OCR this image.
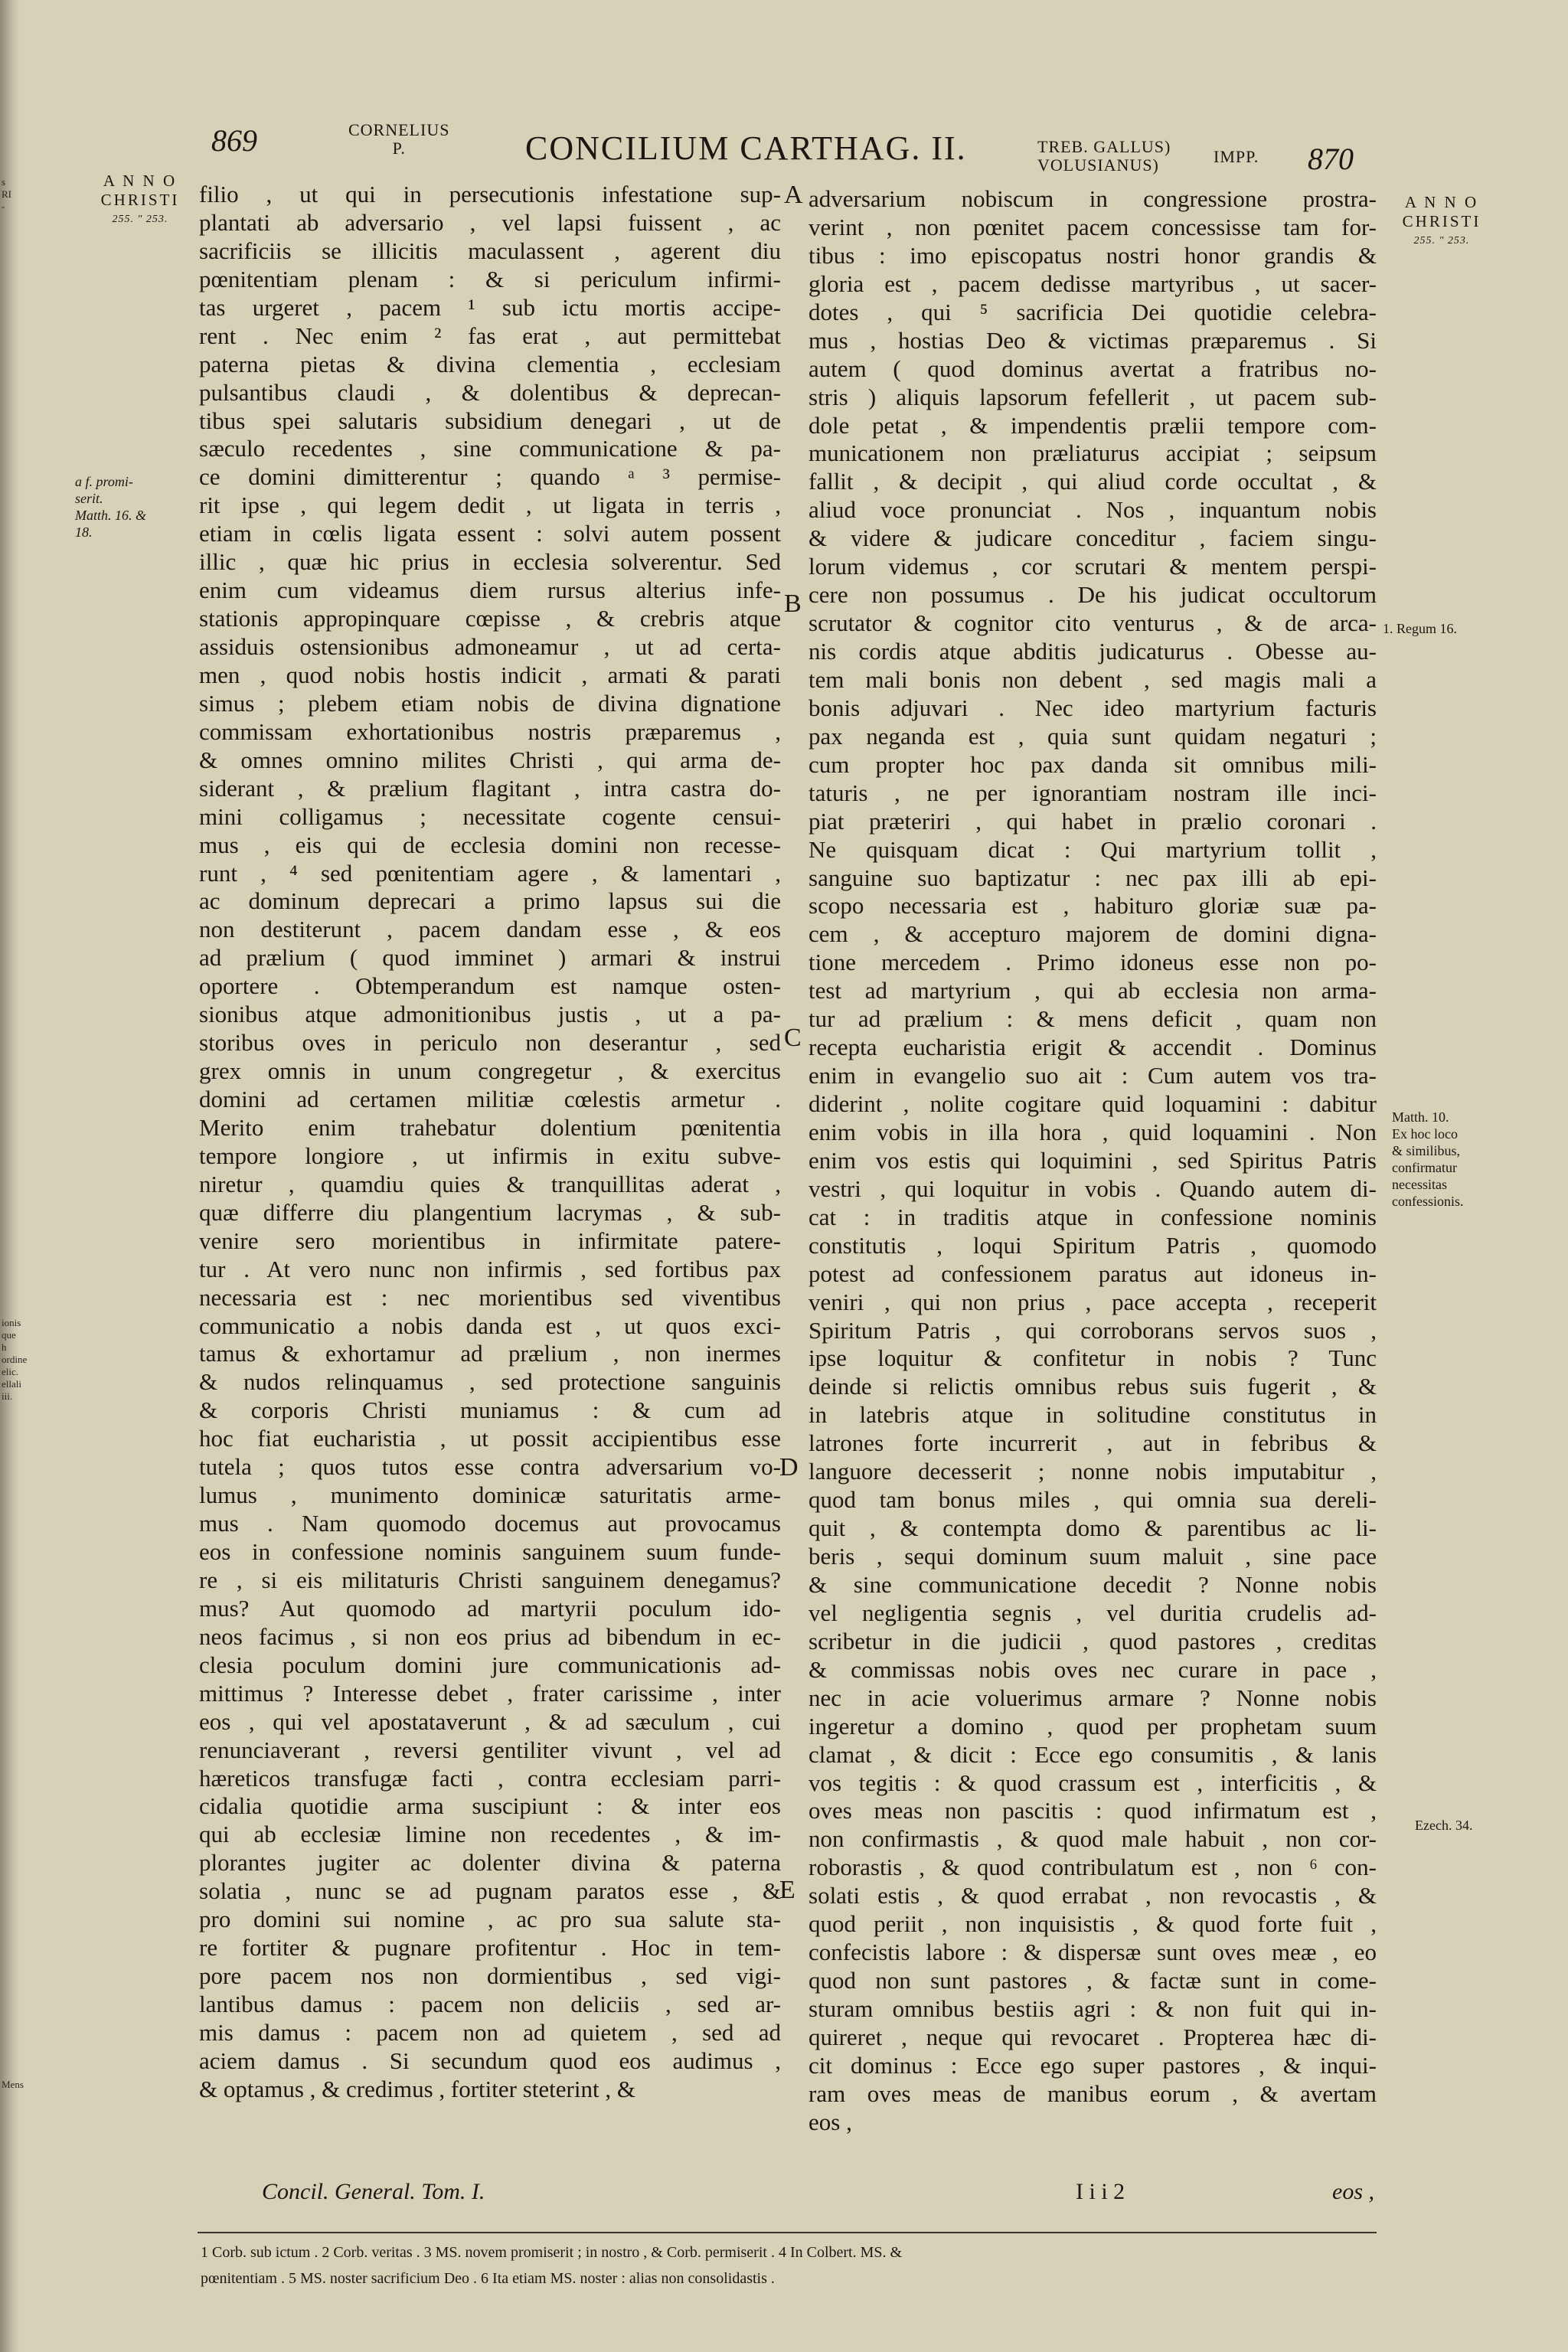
s
RI
-
ionis
que h
ordine
elic.
ellali
iii.
Mens
869	CORNELIUS
P.	CONCILIUM CARTHAG. II.	TREB. GALLUS)
VOLUSIANUS)	IMPP. 870
A N N O
CHRISTI
255. " 253.
A N N O
CHRISTI
255. " 253.
filio , ut qui in persecutionis infestatione sup-
plantati ab adversario , vel lapsi fuissent , ac
sacrificiis se illicitis maculassent , agerent diu
pœnitentiam plenam : & si periculum infirmi-
tas urgeret , pacem ¹ sub ictu mortis accipe-
rent . Nec enim ² fas erat , aut permittebat
paterna pietas & divina clementia , ecclesiam
pulsantibus claudi , & dolentibus & deprecan-
tibus spei salutaris subsidium denegari , ut de
sæculo recedentes , sine communicatione & pa-
ce domini dimitterentur ; quando ᵃ ³ permise-
rit ipse , qui legem dedit , ut ligata in terris ,
etiam in cœlis ligata essent : solvi autem possent
illic , quæ hic prius in ecclesia solverentur. Sed
enim cum videamus diem rursus alterius infe-
stationis appropinquare cœpisse , & crebris atque
assiduis ostensionibus admoneamur , ut ad certa-
men , quod nobis hostis indicit , armati & parati
simus ; plebem etiam nobis de divina dignatione
commissam exhortationibus nostris præparemus ,
& omnes omnino milites Christi , qui arma de-
siderant , & prælium flagitant , intra castra do-
mini colligamus ; necessitate cogente censui-
mus , eis qui de ecclesia domini non recesse-
runt , ⁴ sed pœnitentiam agere , & lamentari ,
ac dominum deprecari a primo lapsus sui die
non destiterunt , pacem dandam esse , & eos
ad prælium ( quod imminet ) armari & instrui
oportere . Obtemperandum est namque osten-
sionibus atque admonitionibus justis , ut a pa-
storibus oves in periculo non deserantur , sed
grex omnis in unum congregetur , & exercitus
domini ad certamen militiæ cœlestis armetur .
Merito enim trahebatur dolentium pœnitentia
tempore longiore , ut infirmis in exitu subve-
niretur , quamdiu quies & tranquillitas aderat ,
quæ differre diu plangentium lacrymas , & sub-
venire sero morientibus in infirmitate patere-
tur . At vero nunc non infirmis , sed fortibus pax
necessaria est : nec morientibus sed viventibus
communicatio a nobis danda est , ut quos exci-
tamus & exhortamur ad prælium , non inermes
& nudos relinquamus , sed protectione sanguinis
& corporis Christi muniamus : & cum ad
hoc fiat eucharistia , ut possit accipientibus esse
tutela ; quos tutos esse contra adversarium vo-
lumus , munimento dominicæ saturitatis arme-
mus . Nam quomodo docemus aut provocamus
eos in confessione nominis sanguinem suum funde-
re , si eis militaturis Christi sanguinem denegamus?
mus? Aut quomodo ad martyrii poculum ido-
neos facimus , si non eos prius ad bibendum in ec-
clesia poculum domini jure communicationis ad-
mittimus ? Interesse debet , frater carissime , inter
eos , qui vel apostataverunt , & ad sæculum , cui
renunciaverant , reversi gentiliter vivunt , vel ad
hæreticos transfugæ facti , contra ecclesiam parri-
cidalia quotidie arma suscipiunt : & inter eos
qui ab ecclesiæ limine non recedentes , & im-
plorantes jugiter ac dolenter divina & paterna
solatia , nunc se ad pugnam paratos esse , &
pro domini sui nomine , ac pro sua salute sta-
re fortiter & pugnare profitentur . Hoc in tem-
pore pacem nos non dormientibus , sed vigi-
lantibus damus : pacem non deliciis , sed ar-
mis damus : pacem non ad quietem , sed ad
aciem damus . Si secundum quod eos audimus ,
& optamus , & credimus , fortiter steterint , &
adversarium nobiscum in congressione prostra-
verint , non pœnitet pacem concessisse tam for-
tibus : imo episcopatus nostri honor grandis &
gloria est , pacem dedisse martyribus , ut sacer-
dotes , qui ⁵ sacrificia Dei quotidie celebra-
mus , hostias Deo & victimas præparemus . Si
autem ( quod dominus avertat a fratribus no-
stris ) aliquis lapsorum fefellerit , ut pacem sub-
dole petat , & impendentis prælii tempore com-
municationem non præliaturus accipiat ; seipsum
fallit , & decipit , qui aliud corde occultat , &
aliud voce pronunciat . Nos , inquantum nobis
& videre & judicare conceditur , faciem singu-
lorum videmus , cor scrutari & mentem perspi-
cere non possumus . De his judicat occultorum
scrutator & cognitor cito venturus , & de arca-
nis cordis atque abditis judicaturus . Obesse au-
tem mali bonis non debent , sed magis mali a
bonis adjuvari . Nec ideo martyrium facturis
pax neganda est , quia sunt quidam negaturi ;
cum propter hoc pax danda sit omnibus mili-
taturis , ne per ignorantiam nostram ille inci-
piat præteriri , qui habet in prælio coronari .
Ne quisquam dicat : Qui martyrium tollit ,
sanguine suo baptizatur : nec pax illi ab epi-
scopo necessaria est , habituro gloriæ suæ pa-
cem , & accepturo majorem de domini digna-
tione mercedem . Primo idoneus esse non po-
test ad martyrium , qui ab ecclesia non arma-
tur ad prælium : & mens deficit , quam non
recepta eucharistia erigit & accendit . Dominus
enim in evangelio suo ait : Cum autem vos tra-
diderint , nolite cogitare quid loquamini : dabitur
enim vobis in illa hora , quid loquamini . Non
enim vos estis qui loquimini , sed Spiritus Patris
vestri , qui loquitur in vobis . Quando autem di-
cat : in traditis atque in confessione nominis
constitutis , loqui Spiritum Patris , quomodo
potest ad confessionem paratus aut idoneus in-
veniri , qui non prius , pace accepta , receperit
Spiritum Patris , qui corroborans servos suos ,
ipse loquitur & confitetur in nobis ? Tunc
deinde si relictis omnibus rebus suis fugerit , &
in latebris atque in solitudine constitutus in
latrones forte incurrerit , aut in febribus &
languore decesserit ; nonne nobis imputabitur ,
quod tam bonus miles , qui omnia sua dereli-
quit , & contempta domo & parentibus ac li-
beris , sequi dominum suum maluit , sine pace
& sine communicatione decedit ? Nonne nobis
vel negligentia segnis , vel duritia crudelis ad-
scribetur in die judicii , quod pastores , creditas
& commissas nobis oves nec curare in pace ,
nec in acie voluerimus armare ? Nonne nobis
ingeretur a domino , quod per prophetam suum
clamat , & dicit : Ecce ego consumitis , & lanis
vos tegitis : & quod crassum est , interficitis , &
oves meas non pascitis : quod infirmatum est ,
non confirmastis , & quod male habuit , non cor-
roborastis , & quod contribulatum est , non ⁶ con-
solati estis , & quod errabat , non revocastis , &
quod periit , non inquisistis , & quod forte fuit ,
confecistis labore : & dispersæ sunt oves meæ , eo
quod non sunt pastores , & factæ sunt in come-
sturam omnibus bestiis agri : & non fuit qui in-
quireret , neque qui revocaret . Propterea hæc di-
cit dominus : Ecce ego super pastores , & inqui-
ram oves meas de manibus eorum , & avertam
eos ,
A
B
C
D
E
a f. promi-
serit.
Matth. 16. &
18.
1. Regum 16.
Matth. 10.
Ex hoc loco
& similibus,
confirmatur
necessitas
confessionis.
Ezech. 34.
Concil. General. Tom. I.	I i i 2	eos ,
1 Corb. sub ictum . 2 Corb. veritas . 3 MS. novem promiserit ; in nostro , & Corb. permiserit . 4 In Colbert. MS. &
pœnitentiam . 5 MS. noster sacrificium Deo . 6 Ita etiam MS. noster : alias non consolidastis .
